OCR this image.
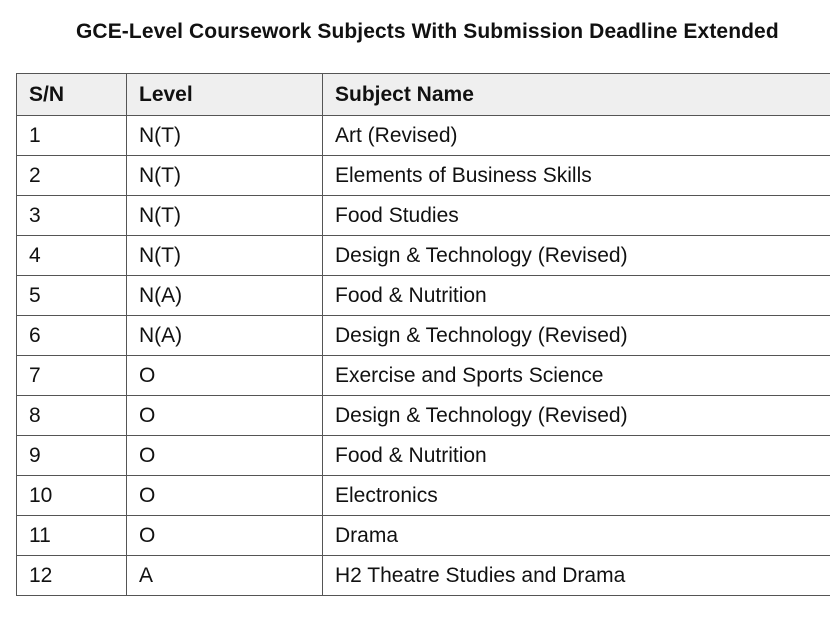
GCE-Level Coursework Subjects With Submission Deadline Extended
S/N	Level	Subject Name
1	N(T)	Art (Revised)
2	N(T)	Elements of Business Skills
3	N(T)	Food Studies
4	N(T)	Design & Technology (Revised)
5	N(A)	Food & Nutrition
6	N(A)	Design & Technology (Revised)
7	O	Exercise and Sports Science
8	O	Design & Technology (Revised)
9	O	Food & Nutrition
10	O	Electronics
11	O	Drama
12	A	H2 Theatre Studies and Drama
